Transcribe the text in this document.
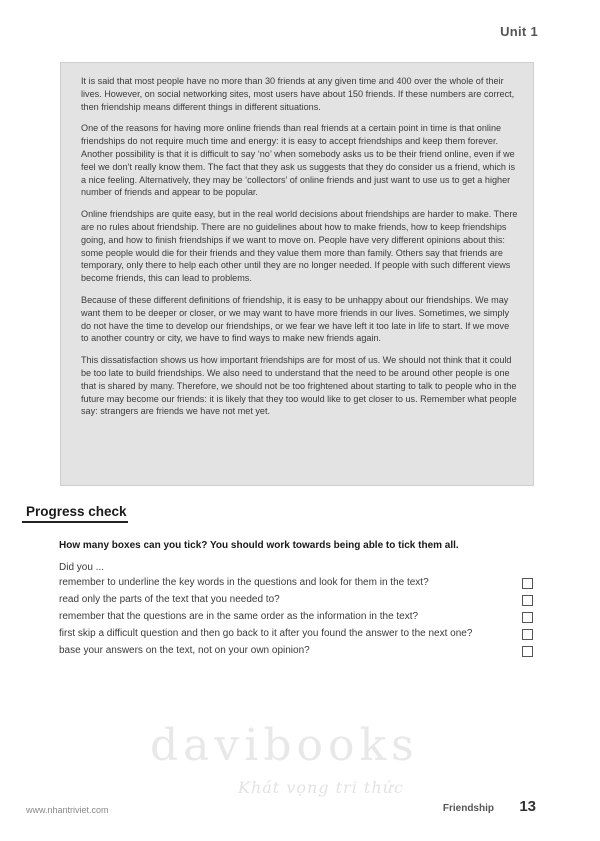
Unit 1

It is said that most people have no more than 30 friends at any given time and 400 over the whole of their lives. However, on social networking sites, most users have about 150 friends. If these numbers are correct, then friendship means different things in different situations.

One of the reasons for having more online friends than real friends at a certain point in time is that online friendships do not require much time and energy: it is easy to accept friendships and keep them forever. Another possibility is that it is difficult to say ‘no’ when somebody asks us to be their friend online, even if we feel we don’t really know them. The fact that they ask us suggests that they do consider us a friend, which is a nice feeling. Alternatively, they may be ‘collectors’ of online friends and just want to use us to get a higher number of friends and appear to be popular.

Online friendships are quite easy, but in the real world decisions about friendships are harder to make. There are no rules about friendship. There are no guidelines about how to make friends, how to keep friendships going, and how to finish friendships if we want to move on. People have very different opinions about this: some people would die for their friends and they value them more than family. Others say that friends are temporary, only there to help each other until they are no longer needed. If people with such different views become friends, this can lead to problems.

Because of these different definitions of friendship, it is easy to be unhappy about our friendships. We may want them to be deeper or closer, or we may want to have more friends in our lives. Sometimes, we simply do not have the time to develop our friendships, or we fear we have left it too late in life to start. If we move to another country or city, we have to find ways to make new friends again.

This dissatisfaction shows us how important friendships are for most of us. We should not think that it could be too late to build friendships. We also need to understand that the need to be around other people is one that is shared by many. Therefore, we should not be too frightened about starting to talk to people who in the future may become our friends: it is likely that they too would like to get closer to us. Remember what people say: strangers are friends we have not met yet.

Progress check
How many boxes can you tick? You should work towards being able to tick them all.
Did you ...
remember to underline the key words in the questions and look for them in the text?
read only the parts of the text that you needed to?
remember that the questions are in the same order as the information in the text?
first skip a difficult question and then go back to it after you found the answer to the next one?
base your answers on the text, not on your own opinion?
davibooks
Khát vọng tri thức
www.nhantriviet.com	Friendship 13
